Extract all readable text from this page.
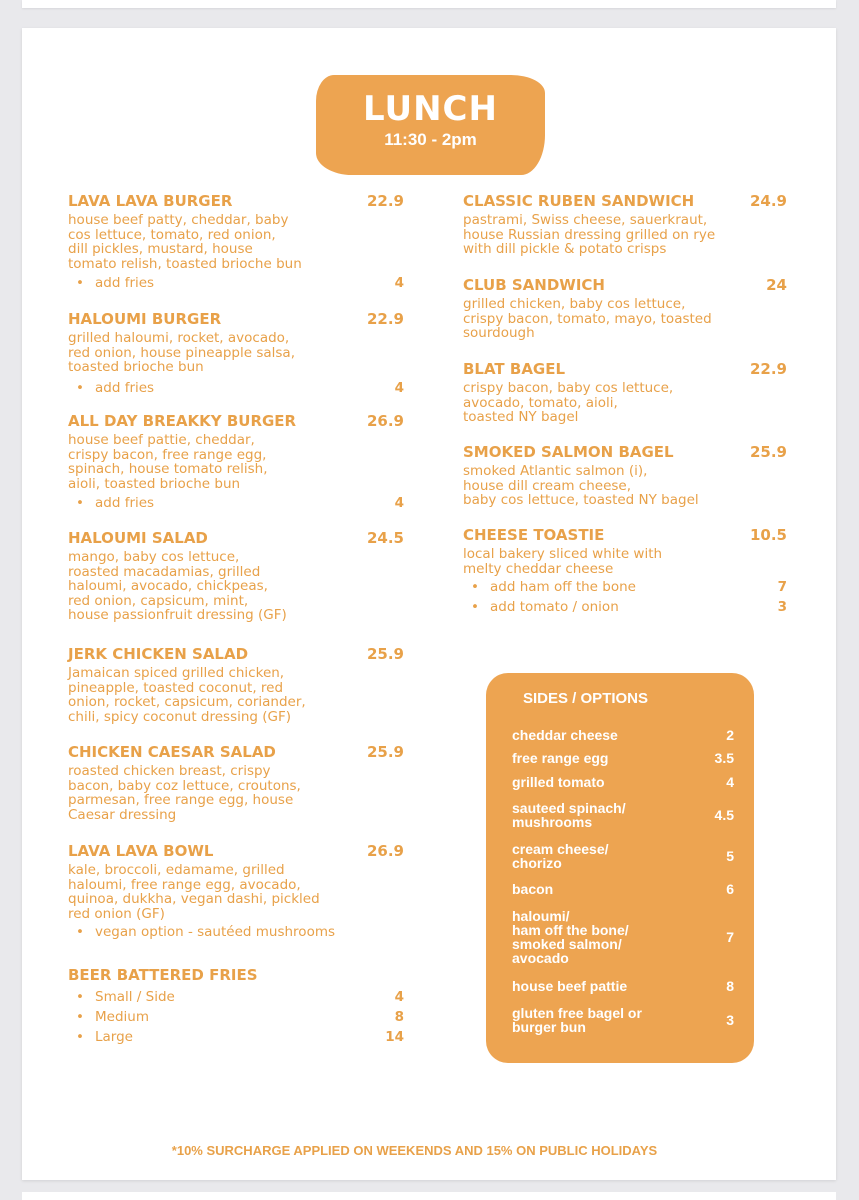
LUNCH
11:30 - 2pm
LAVA LAVA BURGER	22.9
house beef patty, cheddar, baby
cos lettuce, tomato, red onion,
dill pickles, mustard, house
tomato relish, toasted brioche bun
• add fries	4
HALOUMI BURGER	22.9
grilled haloumi, rocket, avocado,
red onion, house pineapple salsa,
toasted brioche bun
• add fries	4
ALL DAY BREAKKY BURGER	26.9
house beef pattie, cheddar,
crispy bacon, free range egg,
spinach, house tomato relish,
aioli, toasted brioche bun
• add fries	4
HALOUMI SALAD	24.5
mango, baby cos lettuce,
roasted macadamias, grilled
haloumi, avocado, chickpeas,
red onion, capsicum, mint,
house passionfruit dressing (GF)
JERK CHICKEN SALAD	25.9
Jamaican spiced grilled chicken,
pineapple, toasted coconut, red
onion, rocket, capsicum, coriander,
chili, spicy coconut dressing (GF)
CHICKEN CAESAR SALAD	25.9
roasted chicken breast, crispy
bacon, baby coz lettuce, croutons,
parmesan, free range egg, house
Caesar dressing
LAVA LAVA BOWL	26.9
kale, broccoli, edamame, grilled
haloumi, free range egg, avocado,
quinoa, dukkha, vegan dashi, pickled
red onion (GF)
• vegan option - sautéed mushrooms
BEER BATTERED FRIES
• Small / Side	4
• Medium	8
• Large	14
CLASSIC RUBEN SANDWICH	24.9
pastrami, Swiss cheese, sauerkraut,
house Russian dressing grilled on rye
with dill pickle & potato crisps
CLUB SANDWICH	24
grilled chicken, baby cos lettuce,
crispy bacon, tomato, mayo, toasted
sourdough
BLAT BAGEL	22.9
crispy bacon, baby cos lettuce,
avocado, tomato, aioli,
toasted NY bagel
SMOKED SALMON BAGEL	25.9
smoked Atlantic salmon (i),
house dill cream cheese,
baby cos lettuce, toasted NY bagel
CHEESE TOASTIE	10.5
local bakery sliced white with
melty cheddar cheese
• add ham off the bone	7
• add tomato / onion	3
SIDES / OPTIONS
cheddar cheese	2
free range egg	3.5
grilled tomato	4
sauteed spinach/
mushrooms	4.5
cream cheese/
chorizo	5
bacon	6
haloumi/
ham off the bone/
smoked salmon/
avocado
7
house beef pattie	8
gluten free bagel or
burger bun	3
*10% SURCHARGE APPLIED ON WEEKENDS AND 15% ON PUBLIC HOLIDAYS
